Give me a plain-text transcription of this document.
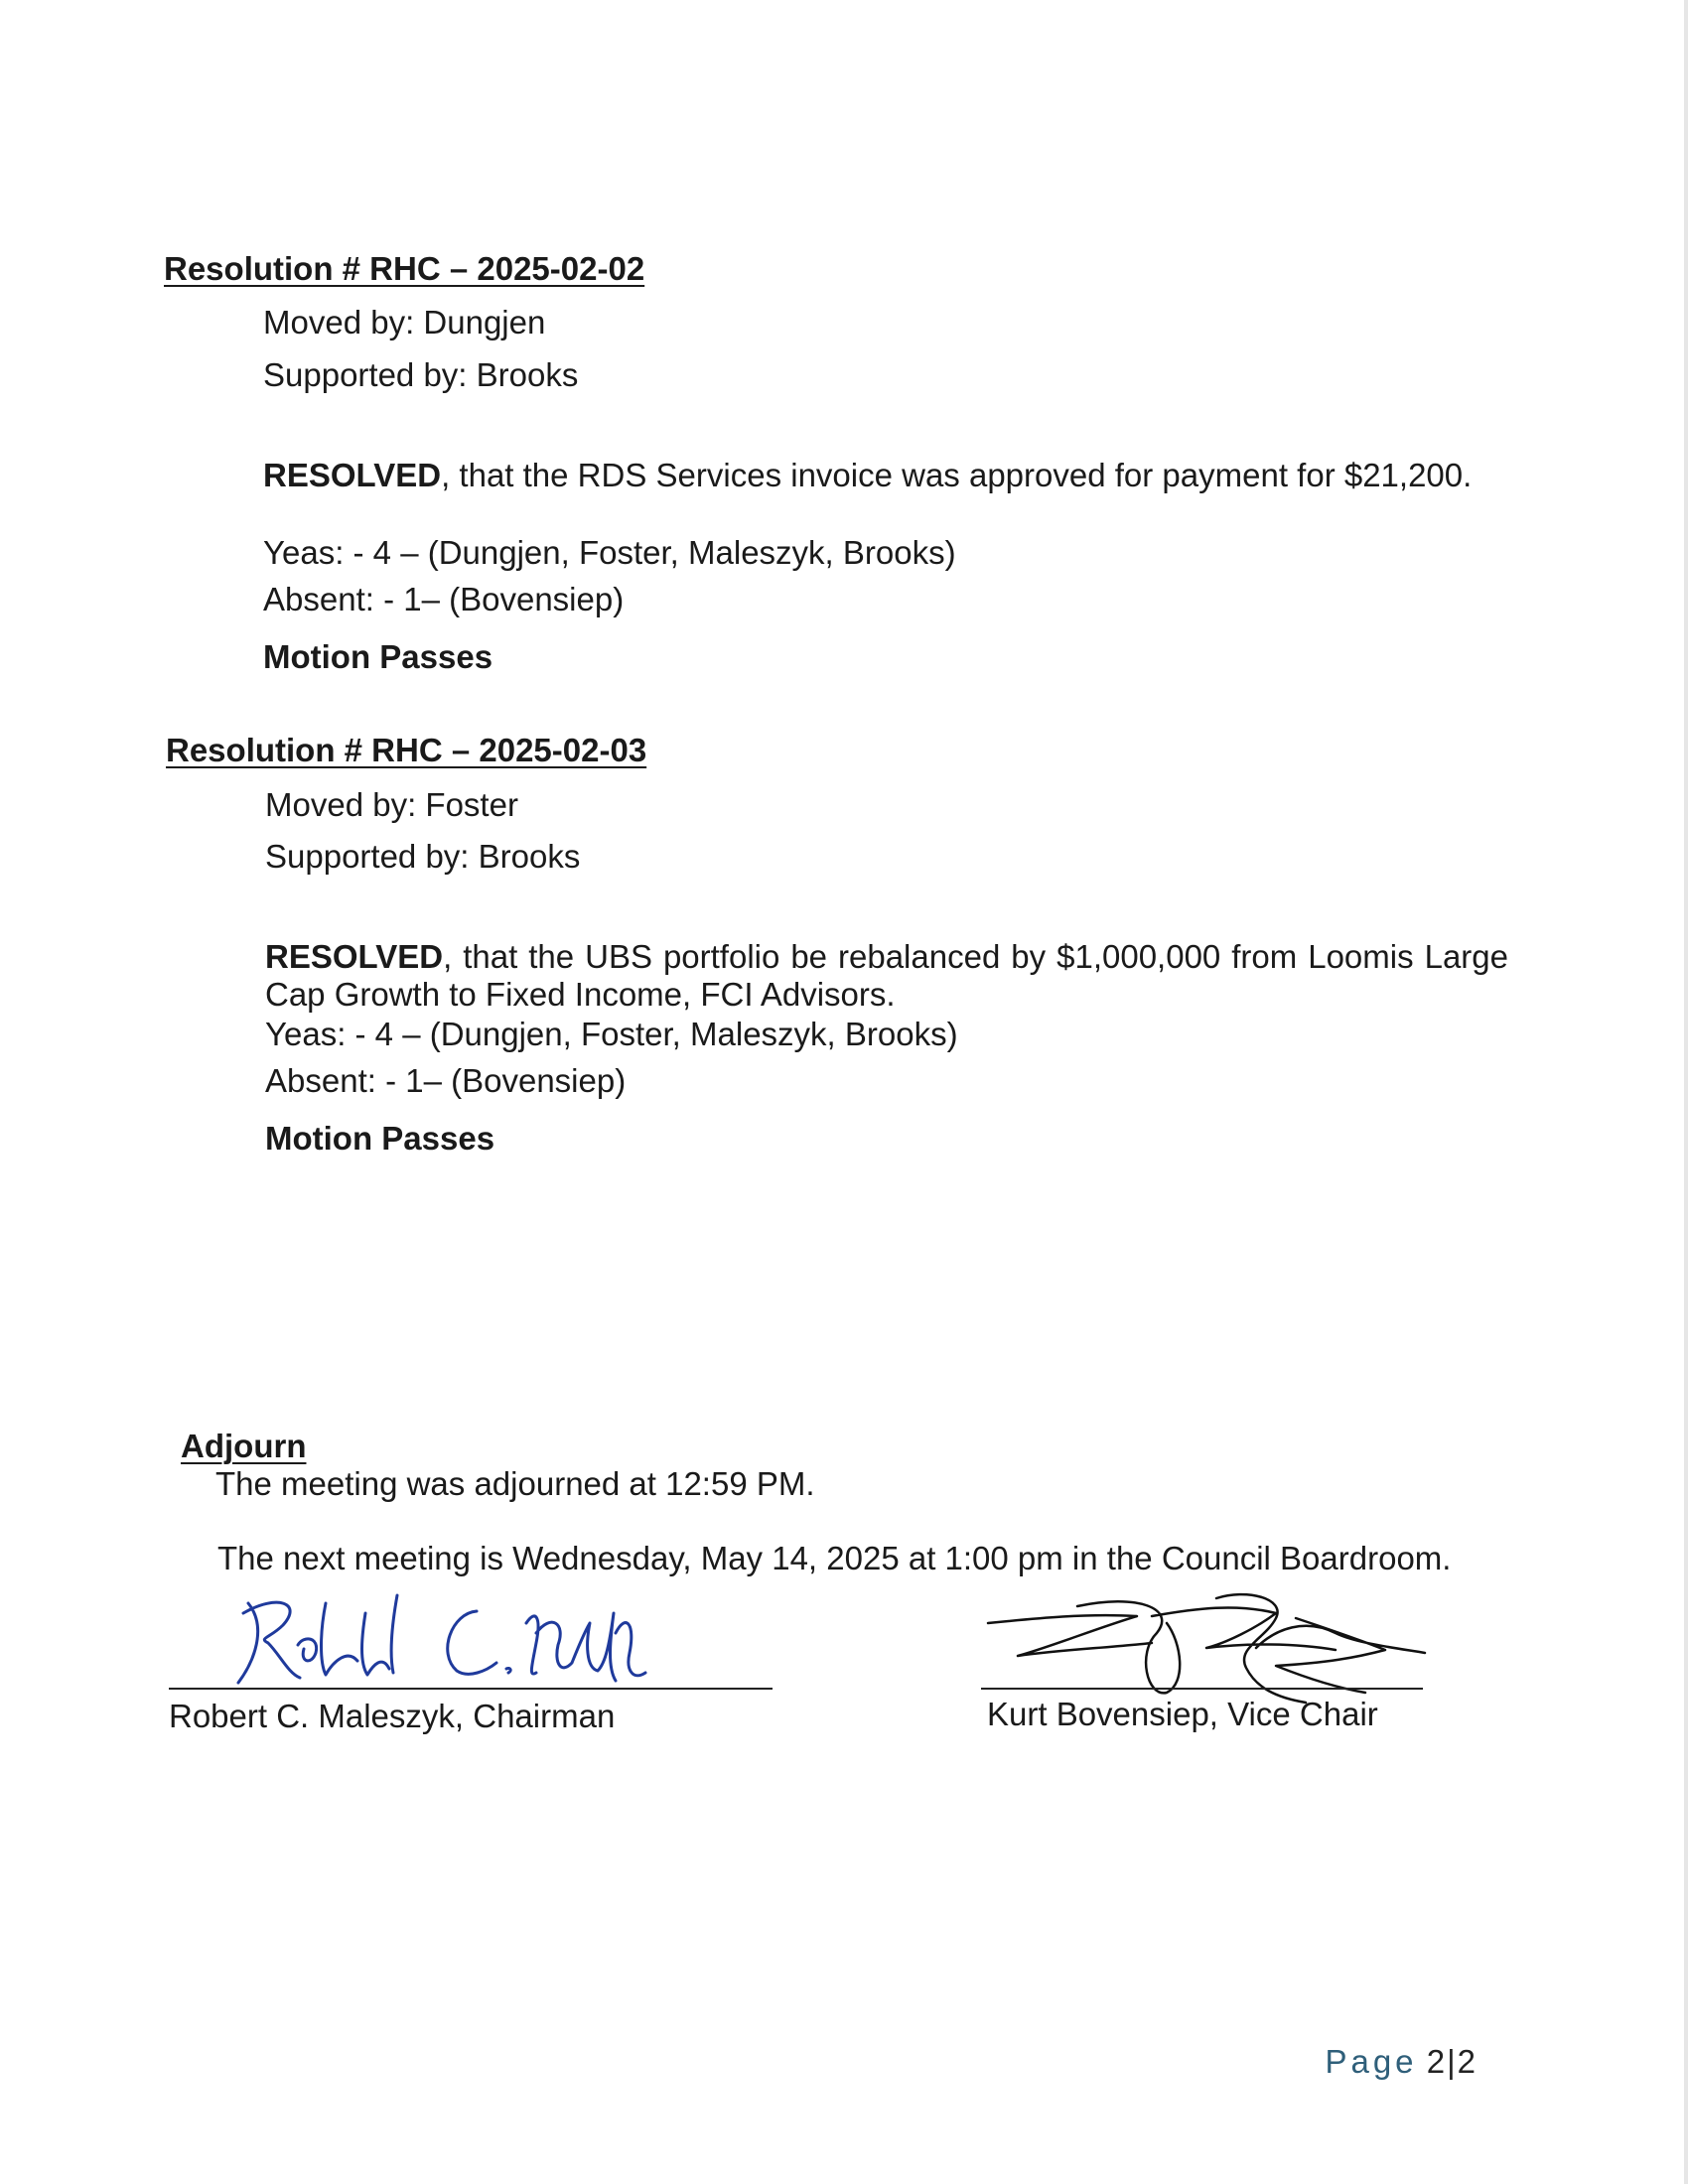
Resolution # RHC – 2025-02-02
Moved by: Dungjen
Supported by: Brooks
RESOLVED, that the RDS Services invoice was approved for payment for $21,200.
Yeas: - 4 – (Dungjen, Foster, Maleszyk, Brooks)
Absent: - 1– (Bovensiep)
Motion Passes
Resolution # RHC – 2025-02-03
Moved by: Foster
Supported by: Brooks
RESOLVED, that the UBS portfolio be rebalanced by $1,000,000 from Loomis Large Cap Growth to Fixed Income, FCI Advisors.
Yeas: - 4 – (Dungjen, Foster, Maleszyk, Brooks)
Absent: - 1– (Bovensiep)
Motion Passes
Adjourn
The meeting was adjourned at 12:59 PM.
The next meeting is Wednesday, May 14, 2025 at 1:00 pm in the Council Boardroom.
Robert C. Maleszyk, Chairman	Kurt Bovensiep, Vice Chair
Page 2|2
